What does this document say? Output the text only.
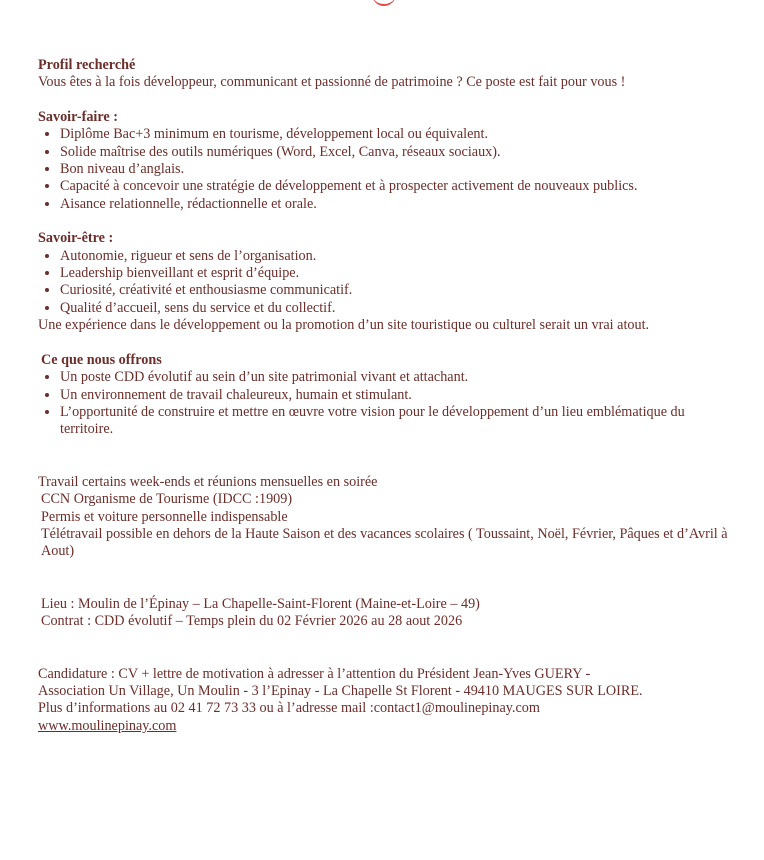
Profil recherché

Vous êtes à la fois développeur, communicant et passionné de patrimoine ? Ce poste est fait pour vous !

Savoir-faire :
• Diplôme Bac+3 minimum en tourisme, développement local ou équivalent.
• Solide maîtrise des outils numériques (Word, Excel, Canva, réseaux sociaux).
• Bon niveau d’anglais.
• Capacité à concevoir une stratégie de développement et à prospecter activement de nouveaux publics.
• Aisance relationnelle, rédactionnelle et orale.
Savoir-être :
• Autonomie, rigueur et sens de l’organisation.
• Leadership bienveillant et esprit d’équipe.
• Curiosité, créativité et enthousiasme communicatif.
• Qualité d’accueil, sens du service et du collectif.

Une expérience dans le développement ou la promotion d’un site touristique ou culturel serait un vrai atout.

Ce que nous offrons
• Un poste CDD évolutif au sein d’un site patrimonial vivant et attachant.
• Un environnement de travail chaleureux, humain et stimulant.
• L’opportunité de construire et mettre en œuvre votre vision pour le développement d’un lieu emblématique du territoire.

Travail certains week-ends et réunions mensuelles en soirée

CCN Organisme de Tourisme (IDCC :1909)

Permis et voiture personnelle indispensable

Télétravail possible en dehors de la Haute Saison et des vacances scolaires ( Toussaint, Noël, Février, Pâques et d’Avril à Aout)

Lieu : Moulin de l’Épinay – La Chapelle-Saint-Florent (Maine-et-Loire – 49)

Contrat : CDD évolutif – Temps plein du 02 Février 2026 au 28 aout 2026

Candidature : CV + lettre de motivation à adresser à l’attention du Président Jean-Yves GUERY -

Association Un Village, Un Moulin - 3 l’Epinay - La Chapelle St Florent - 49410 MAUGES SUR LOIRE.

Plus d’informations au 02 41 72 73 33 ou à l’adresse mail :contact1@moulinepinay.com

www.moulinepinay.com
